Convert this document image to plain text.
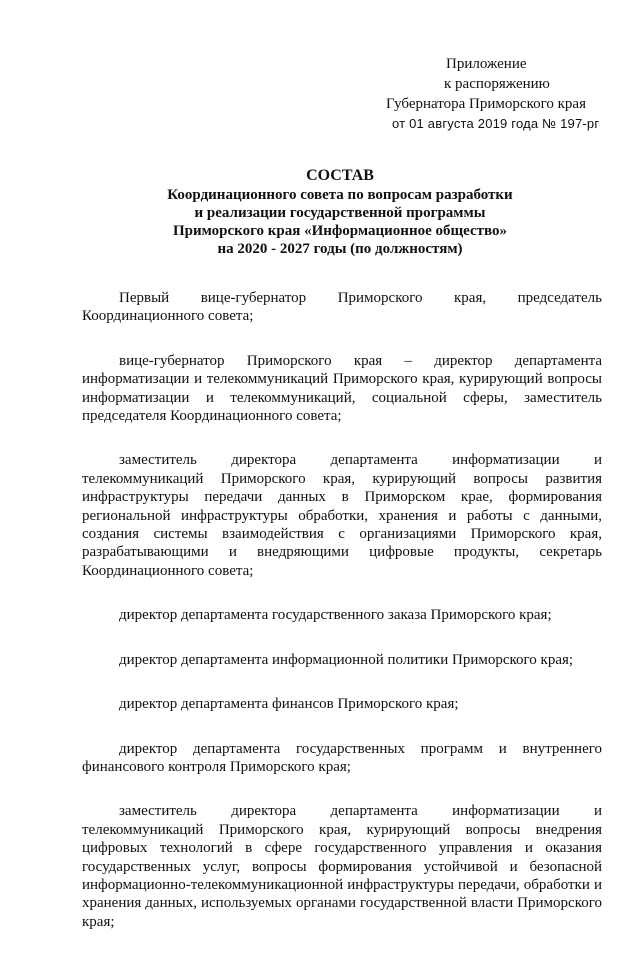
Приложение
к распоряжению
Губернатора Приморского края
от 01 августа 2019 года № 197-рг
СОСТАВ
Координационного совета по вопросам разработки
и реализации государственной программы
Приморского края «Информационное общество»
на 2020 - 2027 годы (по должностям)

Первый вице-губернатор Приморского края, председатель Координационного совета;

вице-губернатор Приморского края – директор департамента информатизации и телекоммуникаций Приморского края, курирующий вопросы информатизации и телекоммуникаций, социальной сферы, заместитель председателя Координационного совета;

заместитель директора департамента информатизации и телекоммуникаций Приморского края, курирующий вопросы развития инфраструктуры передачи данных в Приморском крае, формирования региональной инфраструктуры обработки, хранения и работы с данными, создания системы взаимодействия с организациями Приморского края, разрабатывающими и внедряющими цифровые продукты, секретарь Координационного совета;

директор департамента государственного заказа Приморского края;

директор департамента информационной политики Приморского края;

директор департамента финансов Приморского края;

директор департамента государственных программ и внутреннего финансового контроля Приморского края;

заместитель директора департамента информатизации и телекоммуникаций Приморского края, курирующий вопросы внедрения цифровых технологий в сфере государственного управления и оказания государственных услуг, вопросы формирования устойчивой и безопасной информационно-телекоммуникационной инфраструктуры передачи, обработки и хранения данных, используемых органами государственной власти Приморского края;
